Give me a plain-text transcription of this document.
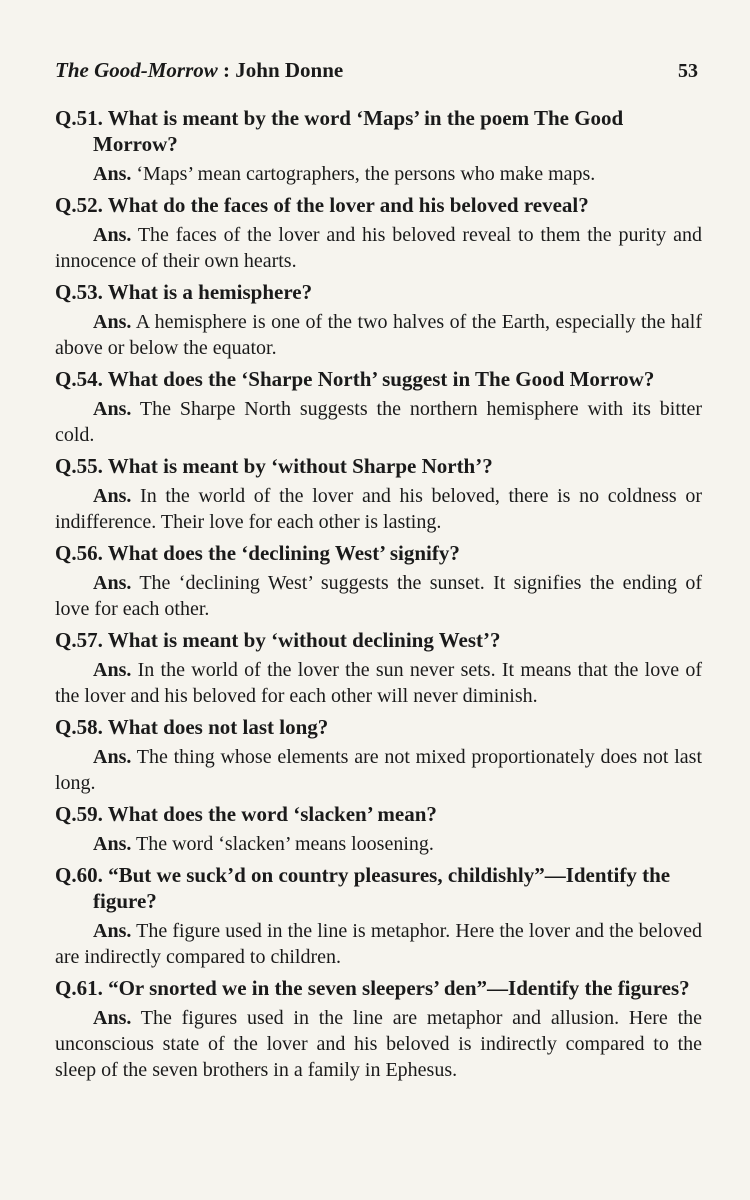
The Good-Morrow : John Donne	53
Q.51. What is meant by the word ‘Maps’ in the poem The Good Morrow?
Ans. ‘Maps’ mean cartographers, the persons who make maps.
Q.52. What do the faces of the lover and his beloved reveal?
Ans. The faces of the lover and his beloved reveal to them the purity and innocence of their own hearts.
Q.53. What is a hemisphere?
Ans. A hemisphere is one of the two halves of the Earth, especially the half above or below the equator.
Q.54. What does the ‘Sharpe North’ suggest in The Good Morrow?
Ans. The Sharpe North suggests the northern hemisphere with its bitter cold.
Q.55. What is meant by ‘without Sharpe North’?
Ans. In the world of the lover and his beloved, there is no coldness or indifference. Their love for each other is lasting.
Q.56. What does the ‘declining West’ signify?
Ans. The ‘declining West’ suggests the sunset. It signifies the ending of love for each other.
Q.57. What is meant by ‘without declining West’?
Ans. In the world of the lover the sun never sets. It means that the love of the lover and his beloved for each other will never diminish.
Q.58. What does not last long?
Ans. The thing whose elements are not mixed proportionately does not last long.
Q.59. What does the word ‘slacken’ mean?
Ans. The word ‘slacken’ means loosening.
Q.60. “But we suck’d on country pleasures, childishly”—Identify the figure?
Ans. The figure used in the line is metaphor. Here the lover and the beloved are indirectly compared to children.
Q.61. “Or snorted we in the seven sleepers’ den”—Identify the figures?
Ans. The figures used in the line are metaphor and allusion. Here the unconscious state of the lover and his beloved is indirectly compared to the sleep of the seven brothers in a family in Ephesus.
